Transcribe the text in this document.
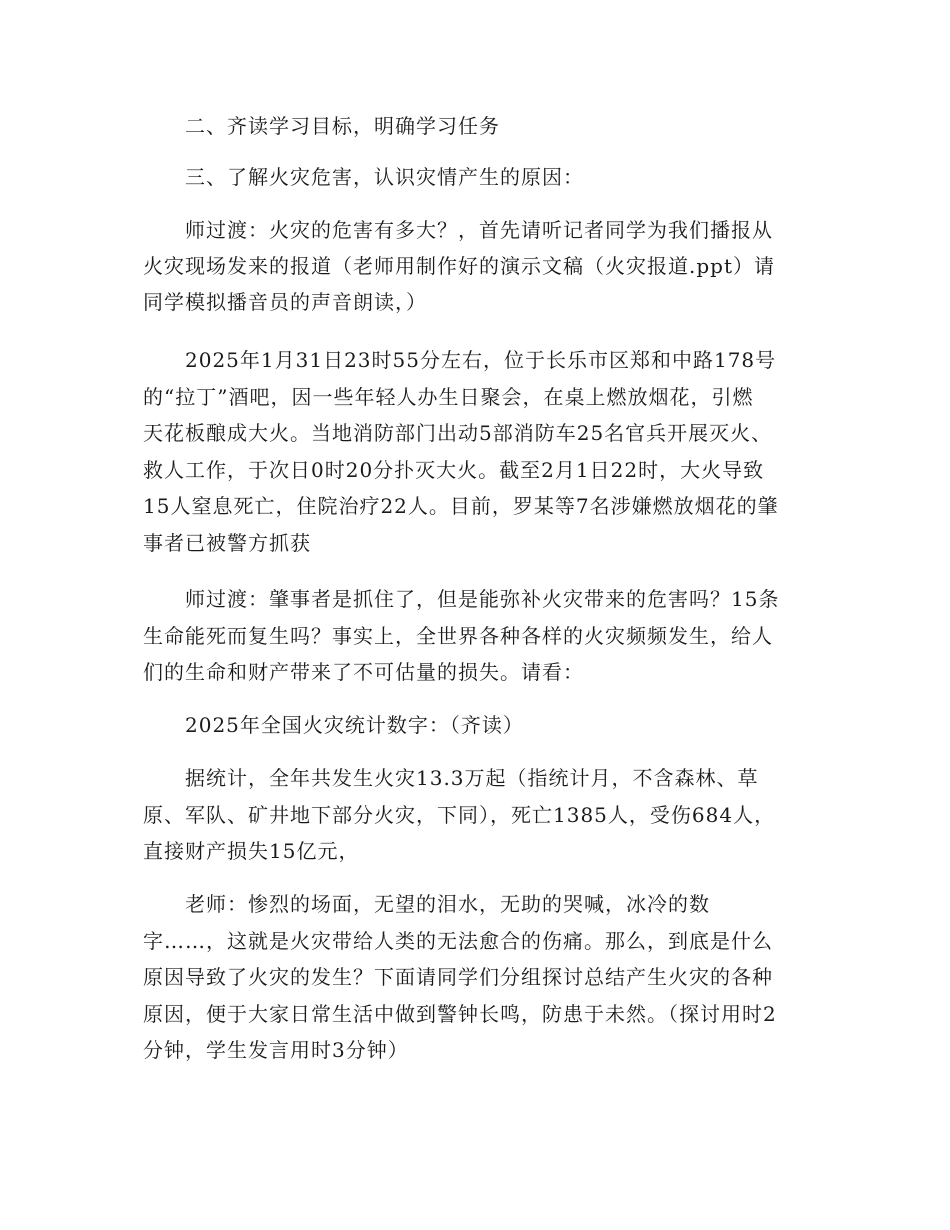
二、齐读学习目标，明确学习任务
三、了解火灾危害，认识灾情产生的原因：
师过渡：火灾的危害有多大？，首先请听记者同学为我们播报从
火灾现场发来的报道（老师用制作好的演示文稿（火灾报道.ppt）请
同学模拟播音员的声音朗读，）
2025年1月31日23时55分左右，位于长乐市区郑和中路178号
的“拉丁”酒吧，因一些年轻人办生日聚会，在桌上燃放烟花，引燃
天花板酿成大火。当地消防部门出动5部消防车25名官兵开展灭火、
救人工作，于次日0时20分扑灭大火。截至2月1日22时，大火导致
15人窒息死亡，住院治疗22人。目前，罗某等7名涉嫌燃放烟花的肇
事者已被警方抓获
师过渡：肇事者是抓住了，但是能弥补火灾带来的危害吗？15条
生命能死而复生吗？事实上，全世界各种各样的火灾频频发生，给人
们的生命和财产带来了不可估量的损失。请看：
2025年全国火灾统计数字：（齐读）
据统计，全年共发生火灾13.3万起（指统计月，不含森林、草
原、军队、矿井地下部分火灾，下同），死亡1385人，受伤684人，
直接财产损失15亿元，
老师：惨烈的场面，无望的泪水，无助的哭喊，冰冷的数
字……，这就是火灾带给人类的无法愈合的伤痛。那么，到底是什么
原因导致了火灾的发生？下面请同学们分组探讨总结产生火灾的各种
原因，便于大家日常生活中做到警钟长鸣，防患于未然。（探讨用时2
分钟，学生发言用时3分钟）
